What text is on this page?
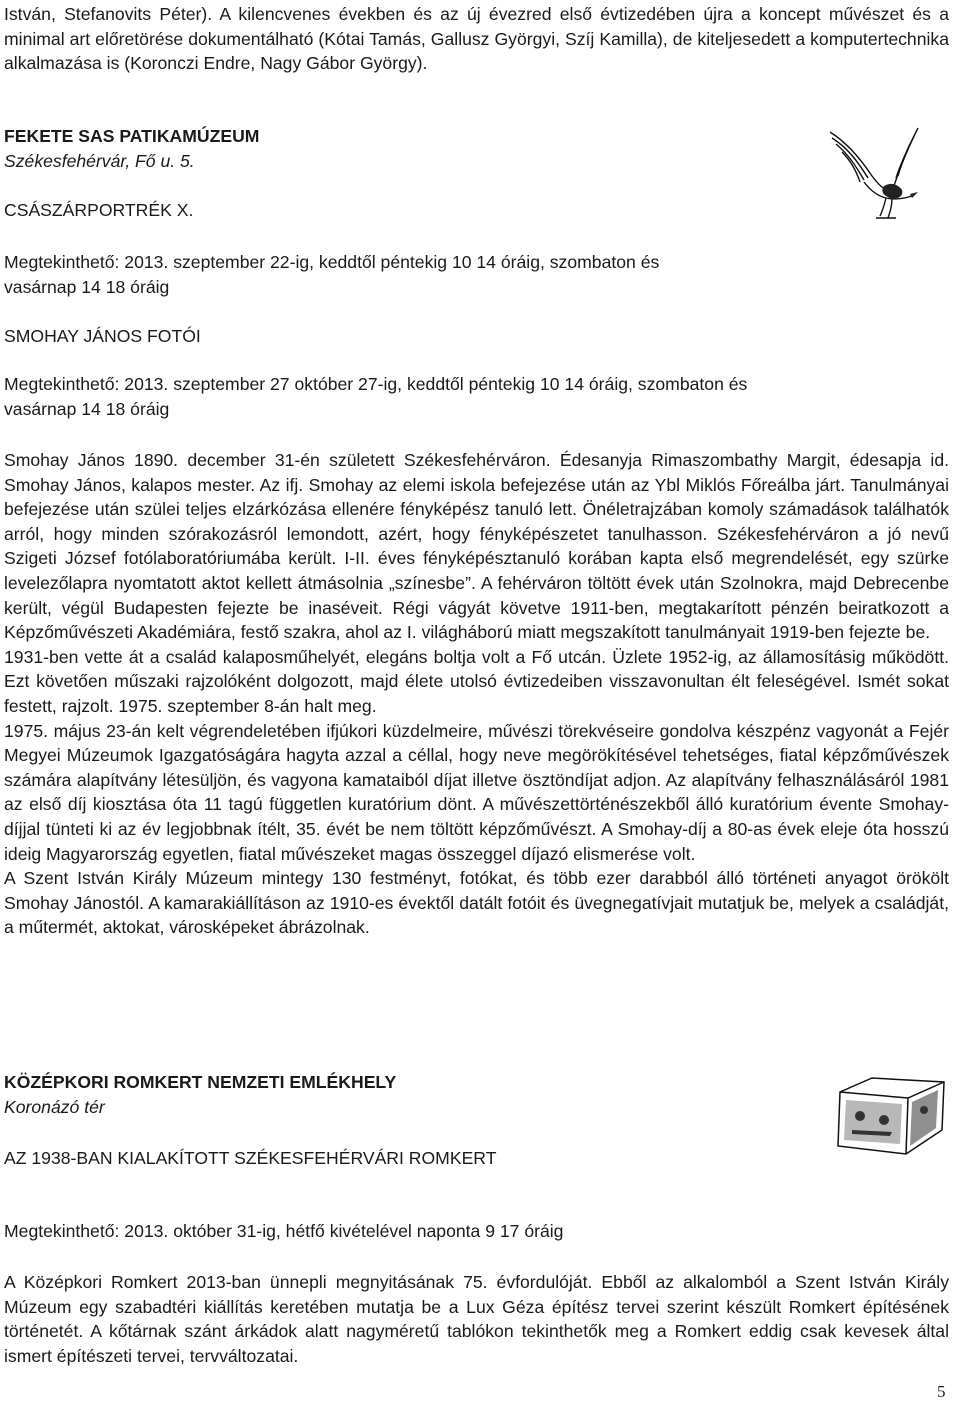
István, Stefanovits Péter). A kilencvenes években és az új évezred első évtizedében újra a koncept művészet és a minimal art előretörése dokumentálható (Kótai Tamás, Gallusz Györgyi, Szíj Kamilla), de kiteljesedett a komputertechnika alkalmazása is (Koronczi Endre, Nagy Gábor György).

FEKETE SAS PATIKAMÚZEUM

Székesfehérvár, Fő u. 5.

CSÁSZÁRPORTRÉK X.

Megtekinthető: 2013. szeptember 22-ig, keddtől péntekig 10 14 óráig, szombaton és vasárnap 14 18 óráig

SMOHAY JÁNOS FOTÓI

Megtekinthető: 2013. szeptember 27 október 27-ig, keddtől péntekig 10 14 óráig, szombaton és vasárnap 14 18 óráig

Smohay János 1890. december 31-én született Székesfehérváron. Édesanyja Rimaszombathy Margit, édesapja id. Smohay János, kalapos mester. Az ifj. Smohay az elemi iskola befejezése után az Ybl Miklós Főreálba járt. Tanulmányai befejezése után szülei teljes elzárkózása ellenére fényképész tanuló lett. Önéletrajzában komoly számadások találhatók arról, hogy minden szórakozásról lemondott, azért, hogy fényképészetet tanulhasson. Székesfehérváron a jó nevű Szigeti József fotólaboratóriumába került. I-II. éves fényképésztanuló korában kapta első megrendelését, egy szürke levelezőlapra nyomtatott aktot kellett átmásolnia „színesbe”. A fehérváron töltött évek után Szolnokra, majd Debrecenbe került, végül Budapesten fejezte be inaséveit. Régi vágyát követve 1911-ben, megtakarított pénzén beiratkozott a Képzőművészeti Akadémiára, festő szakra, ahol az I. világháború miatt megszakított tanulmányait 1919-ben fejezte be.

1931-ben vette át a család kalaposműhelyét, elegáns boltja volt a Fő utcán. Üzlete 1952-ig, az államosításig működött. Ezt követően műszaki rajzolóként dolgozott, majd élete utolsó évtizedeiben visszavonultan élt feleségével. Ismét sokat festett, rajzolt. 1975. szeptember 8-án halt meg.

1975. május 23-án kelt végrendeletében ifjúkori küzdelmeire, művészi törekvéseire gondolva készpénz vagyonát a Fejér Megyei Múzeumok Igazgatóságára hagyta azzal a céllal, hogy neve megörökítésével tehetséges, fiatal képzőművészek számára alapítvány létesüljön, és vagyona kamataiból díjat illetve ösztöndíjat adjon. Az alapítvány felhasználásáról 1981 az első díj kiosztása óta 11 tagú független kuratórium dönt. A művészettörténészekből álló kuratórium évente Smohay-díjjal tünteti ki az év legjobbnak ítélt, 35. évét be nem töltött képzőművészt. A Smohay-díj a 80-as évek eleje óta hosszú ideig Magyarország egyetlen, fiatal művészeket magas összeggel díjazó elismerése volt.

A Szent István Király Múzeum mintegy 130 festményt, fotókat, és több ezer darabból álló történeti anyagot örökölt Smohay Jánostól. A kamarakiállításon az 1910-es évektől datált fotóit és üvegnegatívjait mutatjuk be, melyek a családját, a műtermét, aktokat, városképeket ábrázolnak.

KÖZÉPKORI ROMKERT NEMZETI EMLÉKHELY

Koronázó tér

AZ 1938-BAN KIALAKÍTOTT SZÉKESFEHÉRVÁRI ROMKERT

Megtekinthető: 2013. október 31-ig, hétfő kivételével naponta 9 17 óráig

A Középkori Romkert 2013-ban ünnepli megnyitásának 75. évfordulóját. Ebből az alkalomból a Szent István Király Múzeum egy szabadtéri kiállítás keretében mutatja be a Lux Géza építész tervei szerint készült Romkert építésének történetét. A kőtárnak szánt árkádok alatt nagyméretű tablókon tekinthetők meg a Romkert eddig csak kevesek által ismert építészeti tervei, tervváltozatai.

5
